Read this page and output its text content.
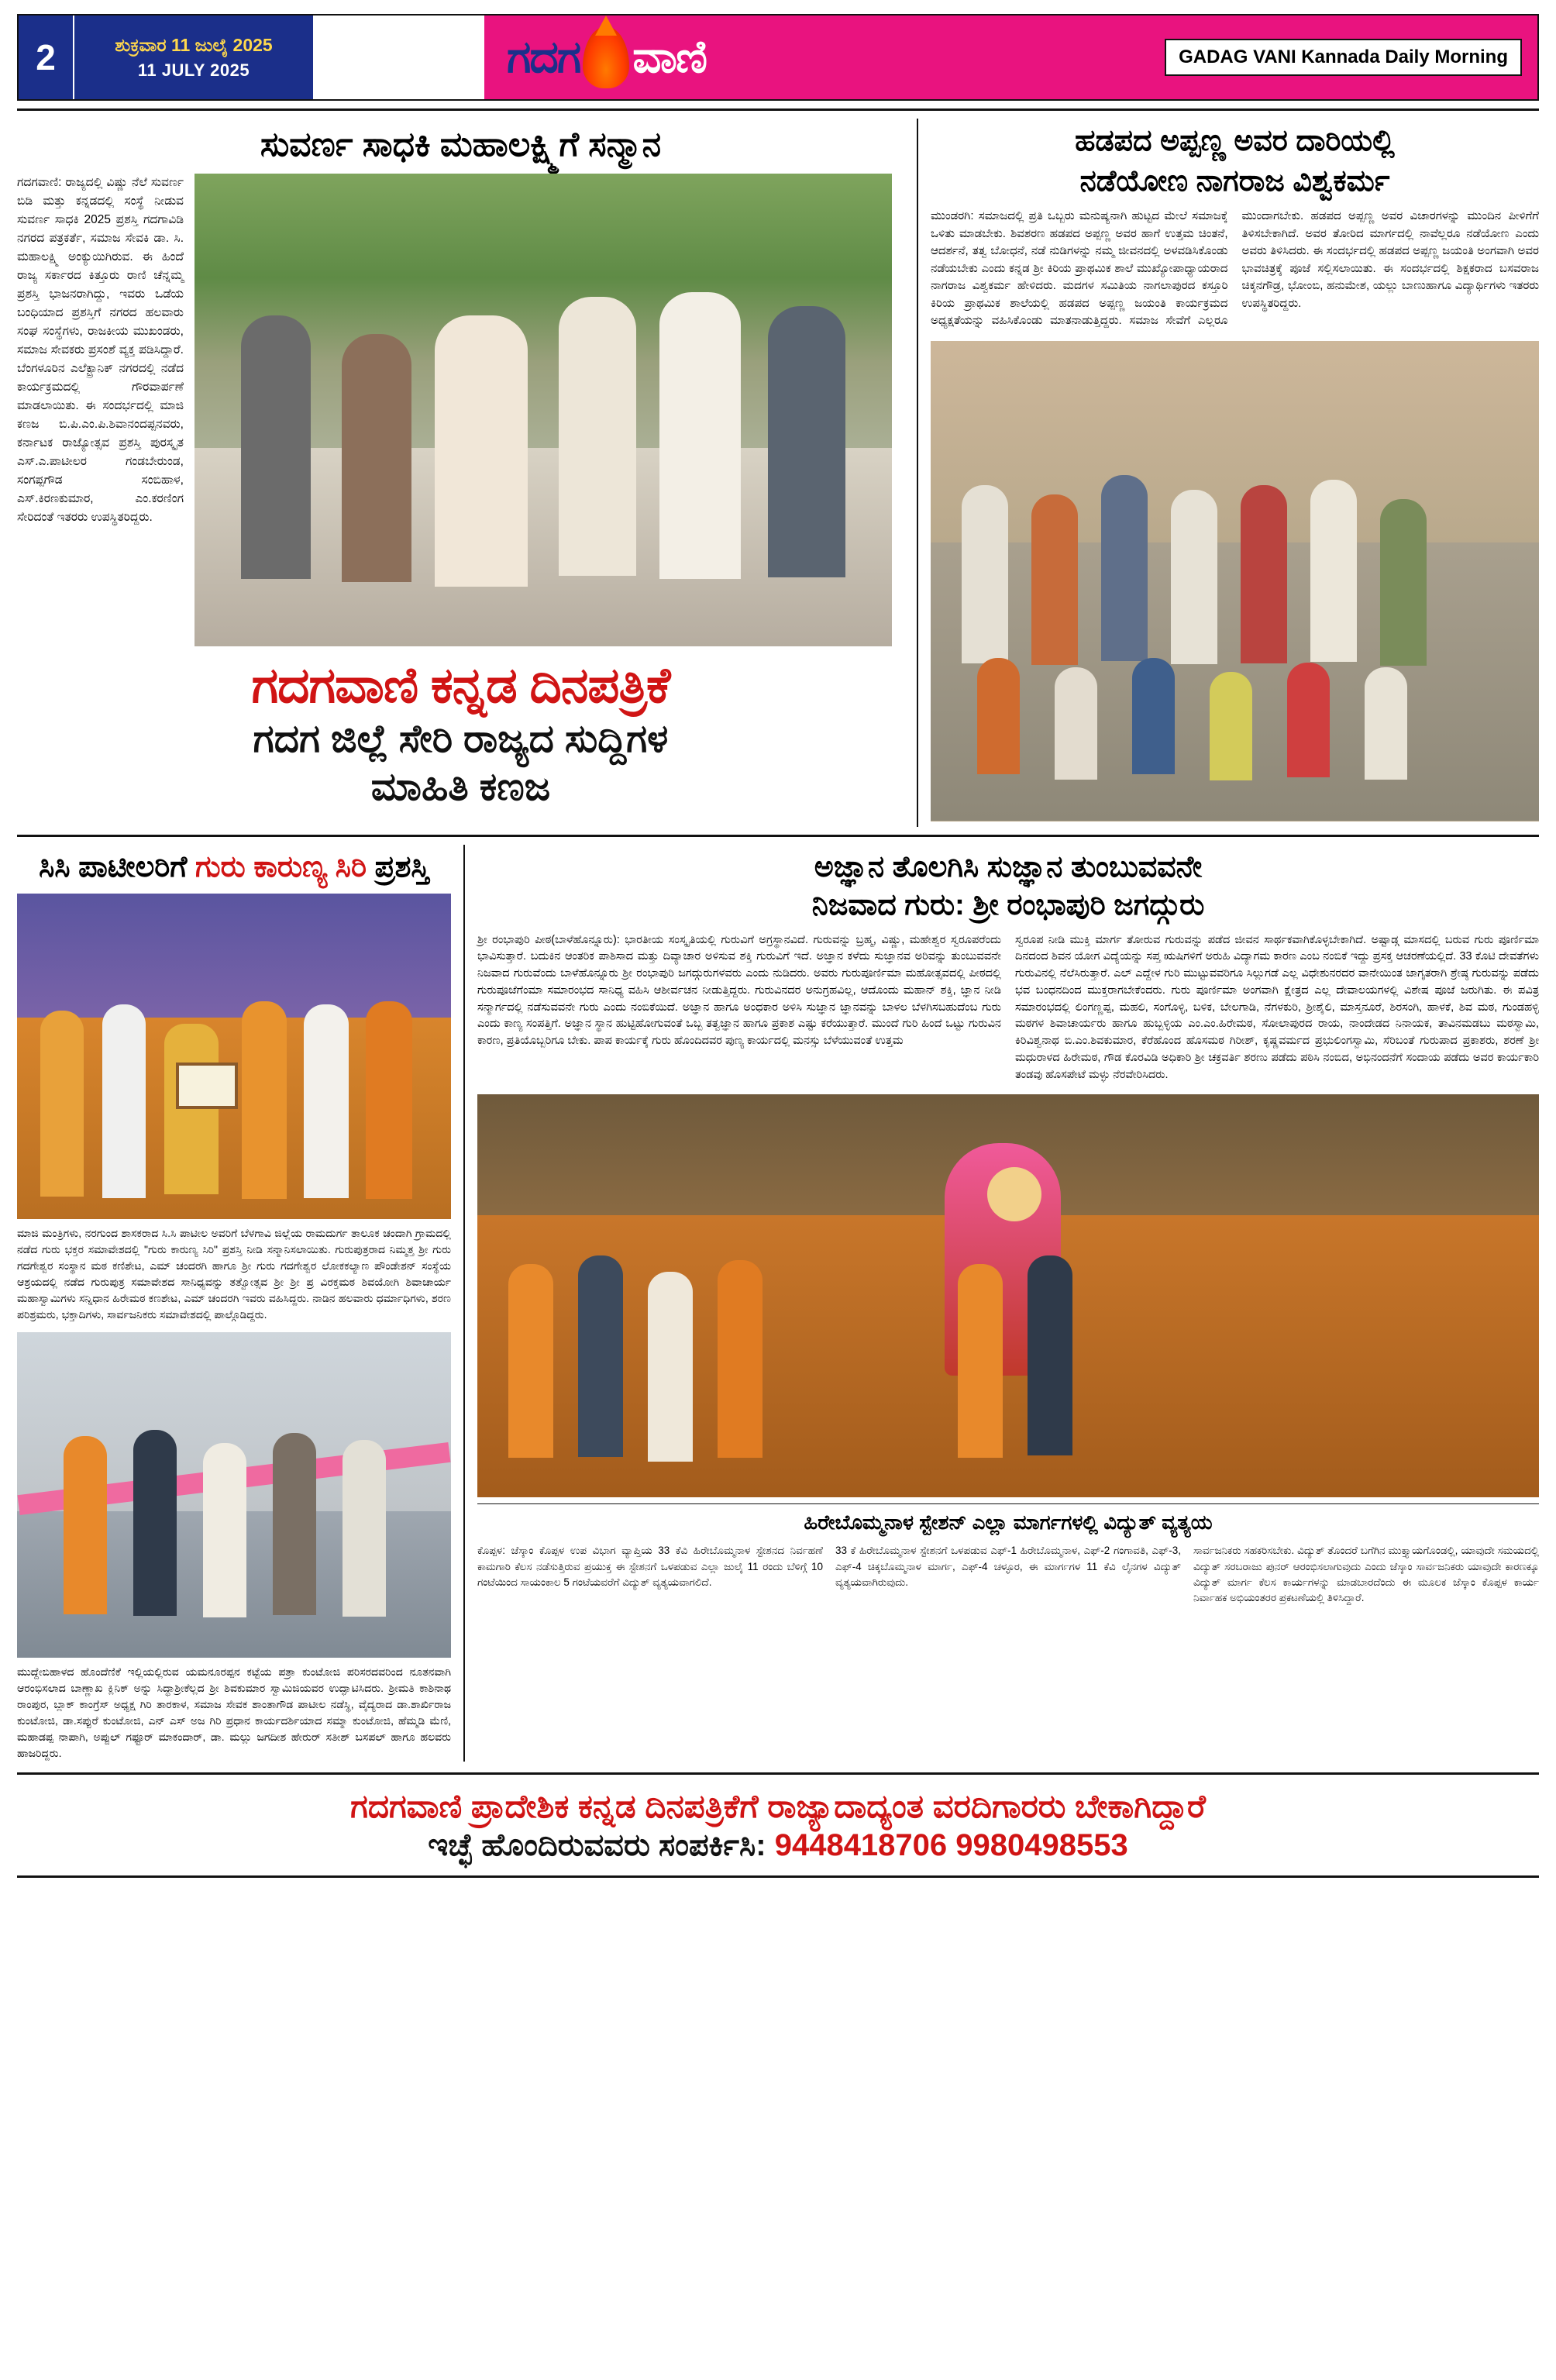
2	ಶುಕ್ರವಾರ 11 ಜುಲೈ 2025
11 JULY 2025	ಗದಗ ವಾಣಿ	GADAG VANI Kannada Daily Morning
ಸುವರ್ಣ ಸಾಧಕಿ ಮಹಾಲಕ್ಷ್ಮಿಗೆ ಸನ್ಮಾನ
ಗದಗವಾಣಿ: ರಾಜ್ಯದಲ್ಲಿ ವಿಷ್ಣು ನೆಲೆ ಸುವರ್ಣ ಬಿಡಿ ಮತ್ತು ಕನ್ನಡದಲ್ಲಿ ಸಂಸ್ಥೆ ನೀಡುವ ಸುವರ್ಣ ಸಾಧಕಿ 2025 ಪ್ರಶಸ್ತಿ ಗದಗಾವಿಡಿ ನಗರದ ಪತ್ರಕರ್ತೆ, ಸಮಾಜ ಸೇವಕಿ ಡಾ. ಸಿ. ಮಹಾಲಕ್ಷ್ಮಿ ಅಂಕ್ಯುಯಿಗಿರುವ. ಈ ಹಿಂದೆ ರಾಜ್ಯ ಸರ್ಕಾರದ ಕಿತ್ತೂರು ರಾಣಿ ಚೆನ್ನಮ್ಮ ಪ್ರಶಸ್ತಿ ಭಾಜನರಾಗಿದ್ದು, ಇವರು ಒಡೆಯ ಬಂಧಿಯಾದ ಪ್ರಶಸ್ತಿಗೆ ನಗರದ ಹಲವಾರು ಸಂಘ ಸಂಸ್ಥೆಗಳು, ರಾಜಕೀಯ ಮುಖಂಡರು, ಸಮಾಜ ಸೇವಕರು ಪ್ರಸಂಶೆ ವ್ಯಕ್ತ ಪಡಿಸಿದ್ದಾರೆ. ಬೆಂಗಳೂರಿನ ಎಲೆಕ್ಟ್ರಾನಿಕ್ ನಗರದಲ್ಲಿ ನಡೆದ ಕಾರ್ಯಕ್ರಮದಲ್ಲಿ ಗೌರವಾರ್ಪಣೆ ಮಾಡಲಾಯಿತು. ಈ ಸಂದರ್ಭದಲ್ಲಿ ಮಾಜಿ ಕಣಜ ಬಿ.ಪಿ.ಎಂ.ಪಿ.ಶಿವಾನಂದಪ್ಪನವರು, ಕರ್ನಾಟಕ ರಾಜ್ಯೋತ್ಸವ ಪ್ರಶಸ್ತಿ ಪುರಸ್ಕೃತ ಎಸ್.ಎ.ಪಾಟೀಲರ ಗಂಡಬೇರುಂಡ, ಸಂಗಪ್ಪಗೌಡ ಸಂಬಿಹಾಳ, ಎಸ್.ಕಿರಣಕುಮಾರ, ಎಂ.ಕರಣಿಂಗ ಸೇರಿದಂತೆ ಇತರರು ಉಪಸ್ಥಿತರಿದ್ದರು.
ಗದಗವಾಣಿ ಕನ್ನಡ ದಿನಪತ್ರಿಕೆ
ಗದಗ ಜಿಲ್ಲೆ ಸೇರಿ ರಾಜ್ಯದ ಸುದ್ದಿಗಳ
ಮಾಹಿತಿ ಕಣಜ
ಹಡಪದ ಅಪ್ಪಣ್ಣ ಅವರ ದಾರಿಯಲ್ಲಿ
ನಡೆಯೋಣ ನಾಗರಾಜ ವಿಶ್ವಕರ್ಮ
ಮುಂಡರಗಿ: ಸಮಾಜದಲ್ಲಿ ಪ್ರತಿ ಒಬ್ಬರು ಮನುಷ್ಯನಾಗಿ ಹುಟ್ಟದ ಮೇಲೆ ಸಮಾಜಕ್ಕೆ ಒಳಿತು ಮಾಡಬೇಕು. ಶಿವಶರಣ ಹಡಪದ ಅಪ್ಪಣ್ಣ ಅವರ ಹಾಗೆ ಉತ್ತಮ ಚಿಂತನೆ, ಆದರ್ಶನೆ, ತತ್ವ ಬೋಧನೆ, ನಡೆ ನುಡಿಗಳನ್ನು ನಮ್ಮ ಜೀವನದಲ್ಲಿ ಅಳವಡಿಸಿಕೊಂಡು ನಡೆಯಬೇಕು ಎಂದು ಕನ್ನಡ ಶ್ರೀ ಕಿರಿಯ ಪ್ರಾಥಮಿಕ ಶಾಲೆ ಮುಖ್ಯೋಪಾಧ್ಯಾಯರಾದ ನಾಗರಾಜ ವಿಶ್ವಕರ್ಮ ಹೇಳಿದರು. ಮದಗಳ ಸಮಿತಿಯ ನಾಗಲಾಪುರದ ಕಸ್ತೂರಿ ಕಿರಿಯ ಪ್ರಾಥಮಿಕ ಶಾಲೆಯಲ್ಲಿ ಹಡಪದ ಅಪ್ಪಣ್ಣ ಜಯಂತಿ ಕಾರ್ಯಕ್ರಮದ ಅಧ್ಯಕ್ಷತೆಯನ್ನು ವಹಿಸಿಕೊಂಡು ಮಾತನಾಡುತ್ತಿದ್ದರು. ಸಮಾಜ ಸೇವೆಗೆ ಎಲ್ಲರೂ ಮುಂದಾಗಬೇಕು. ಹಡಪದ ಅಪ್ಪಣ್ಣ ಅವರ ವಿಚಾರಗಳನ್ನು ಮುಂದಿನ ಪೀಳಿಗೆಗೆ ತಿಳಿಸಬೇಕಾಗಿದೆ. ಅವರ ತೋರಿದ ಮಾರ್ಗದಲ್ಲಿ ನಾವೆಲ್ಲರೂ ನಡೆಯೋಣ ಎಂದು ಅವರು ತಿಳಿಸಿದರು. ಈ ಸಂದರ್ಭದಲ್ಲಿ ಹಡಪದ ಅಪ್ಪಣ್ಣ ಜಯಂತಿ ಅಂಗವಾಗಿ ಅವರ ಭಾವಚಿತ್ರಕ್ಕೆ ಪೂಜೆ ಸಲ್ಲಿಸಲಾಯಿತು. ಈ ಸಂದರ್ಭದಲ್ಲಿ ಶಿಕ್ಷಕರಾದ ಬಸವರಾಜ ಚಿಕ್ಕನಗೌಡ್ರ, ಭೋಂಬಿ, ಹನುಮೇಶ, ಯಲ್ಲು ಬಾಣುಹಾಗೂ ವಿದ್ಯಾರ್ಥಿಗಳು ಇತರರು ಉಪಸ್ಥಿತರಿದ್ದರು.
ಸಿಸಿ ಪಾಟೀಲರಿಗೆ ಗುರು ಕಾರುಣ್ಯ ಸಿರಿ ಪ್ರಶಸ್ತಿ
ಮಾಜಿ ಮಂತ್ರಿಗಳು, ನರಗುಂದ ಶಾಸಕರಾದ ಸಿ.ಸಿ ಪಾಟೀಲ ಅವರಿಗೆ ಬೆಳಗಾವಿ ಜಿಲ್ಲೆಯ ರಾಮದುರ್ಗ ತಾಲೂಕ ಚಂದಾಗಿ ಗ್ರಾಮದಲ್ಲಿ ನಡೆದ ಗುರು ಭಕ್ತರ ಸಮಾವೇಶದಲ್ಲಿ "ಗುರು ಕಾರುಣ್ಯ ಸಿರಿ" ಪ್ರಶಸ್ತಿ ನೀಡಿ ಸನ್ಮಾನಿಸಲಾಯಿತು. ಗುರುಪುತ್ರರಾದ ನಿಮ್ಮತ್ತ ಶ್ರೀ ಗುರು ಗದಗೇಶ್ವರ ಸಂಸ್ಥಾನ ಮಠ ಕಣಿಶೇಟ, ಎಮ್ ಚಂದರಗಿ ಹಾಗೂ ಶ್ರೀ ಗುರು ಗದಗೇಶ್ವರ ಲೋಕಕಲ್ಯಾಣ ಪೌಂಡೇಶನ್ ಸಂಸ್ಥೆಯ ಆಶ್ರಯದಲ್ಲಿ ನಡೆದ ಗುರುಪುತ್ರ ಸಮಾವೇಶದ ಸಾನಿಧ್ಯವನ್ನು ತತ್ವೋತ್ಸವ ಶ್ರೀ ಶ್ರೀ ಪ್ರ ವಿರಕ್ತಮಠ ಶಿವಯೋಗಿ ಶಿವಾಚಾರ್ಯ ಮಹಾಸ್ವಾಮಿಗಳು ಸನ್ನಿಧಾನ ಹಿರೇಮಠ ಕಣಶೇಟ, ಎಮ್ ಚಂದರಗಿ ಇವರು ವಹಿಸಿದ್ದರು. ನಾಡಿನ ಹಲವಾರು ಧರ್ಮಾಧಿಗಳು, ಶರಣ ಪರಿಶ್ರಮರು, ಭಕ್ತಾದಿಗಳು, ಸಾರ್ವಜನಿಕರು ಸಮಾವೇಶದಲ್ಲಿ ಪಾಲ್ಗೊಡಿದ್ದರು.
ಮುದ್ದೇಬಿಹಾಳದ ಹೊಂದೆಣಿಕೆ ಇಲ್ಲಿಯಲ್ಲಿರುವ ಯಮನೂರಪ್ಪನ ಕಟ್ಟೆಯ ಪತ್ರಾ ಕುಂಟೋಜಿ ಪರಿಸರದವರಿಂದ ನೂತನವಾಗಿ ಆರಂಭಿಸಲಾದ ಬಾಣ್ಣಾಖ ಕ್ಲಿನಿಕ್ ಅನ್ನು ಸಿದ್ಧಾಶ್ರೀಕೆಲ್ಲದ ಶ್ರೀ ಶಿವಕುಮಾರ ಸ್ವಾಮಿಜಿಯವರ ಉದ್ಘಾಟಿಸಿದರು. ಶ್ರೀಮತಿ ಕಾಶಿನಾಥ ರಾಂಪುರ, ಬ್ಲಾಕ್ ಕಾಂಗ್ರೆಸ್ ಅಧ್ಯಕ್ಷ ಗಿರಿ ತಾರಕಾಳ, ಸಮಾಜ ಸೇವಕ ಶಾಂತಾಗೌಡ ಪಾಟೀಲ ನಡೆಸ್ಥಿ, ವೈದ್ಯರಾದ ಡಾ.ಶಾರ್ಖಿರಾಜ ಕುಂಟೋಜಿ, ಡಾ.ಸಪ್ಪುರೆ ಕುಂಟೋಜಿ, ಎನ್ ಎಸ್ ಅಜ ಗಿರಿ ಪ್ರಧಾನ ಕಾರ್ಯದರ್ಶಿಯಾದ ಸಮ್ಮಾ ಕುಂಟೋಜಿ, ಹೆಮ್ಮಡಿ ಮೆಣಿ, ಮಹಾಡಪ್ಪ ನಾಪಾಗಿ, ಅಪ್ಪುಲ್ ಗಫ್ಟೂರ್ ಮಾಕಂದಾರ್, ಡಾ. ಮಲ್ಲು ಜಗದೀಶ ಹೇರುರ್ ಸತೀಶ್ ಬಸಪಲ್ ಹಾಗೂ ಹಲವರು ಹಾಜರಿದ್ದರು.
ಅಜ್ಞಾನ ತೊಲಗಿಸಿ ಸುಜ್ಞಾನ ತುಂಬುವವನೇ
ನಿಜವಾದ ಗುರು: ಶ್ರೀ ರಂಭಾಪುರಿ ಜಗದ್ಗುರು
ಶ್ರೀ ರಂಭಾಪುರಿ ಪೀಠ(ಬಾಳೆಹೊನ್ನೂರು): ಭಾರತೀಯ ಸಂಸ್ಕೃತಿಯಲ್ಲಿ ಗುರುವಿಗೆ ಅಗ್ರಸ್ಥಾನವಿದೆ. ಗುರುವನ್ನು ಬ್ರಹ್ಮ, ವಿಷ್ಣು, ಮಹೇಶ್ವರ ಸ್ವರೂಪರೆಂದು ಭಾವಿಸುತ್ತಾರೆ. ಬದುಕಿನ ಆಂತರಿಕ ಪಾಶಿಸಾದ ಮತ್ತು ದಿವ್ಯಾಚಾರ ಅಳಿಸುವ ಶಕ್ತಿ ಗುರುವಿಗೆ ಇದೆ. ಅಜ್ಞಾನ ಕಳೆದು ಸುಜ್ಞಾನವ ಅರಿವನ್ನು ತುಂಬುವವನೇ ನಿಜವಾದ ಗುರುವೆಂದು ಬಾಳೆಹೊನ್ನೂರು ಶ್ರೀ ರಂಭಾಪುರಿ ಜಗದ್ಗುರುಗಳವರು ಎಂದು ನುಡಿದರು. ಅವರು ಗುರುಪೂರ್ಣಿಮಾ ಮಹೋತ್ಸವದಲ್ಲಿ ಪೀಠದಲ್ಲಿ ಗುರುಪೂಜೆಗೆಂಮಾ ಸಮಾರಂಭದ ಸಾನಿಧ್ಯ ವಹಿಸಿ ಆಶೀರ್ವಚನ ನೀಡುತ್ತಿದ್ದರು. ಗುರುವಿನದರ ಅನುಗ್ರಹವಿಲ್ಲ, ಆದೊಂದು ಮಹಾನ್ ಶಕ್ತಿ, ಜ್ಞಾನ ನೀಡಿ ಸನ್ಮಾರ್ಗದಲ್ಲಿ ನಡೆಸುವವನೇ ಗುರು ಎಂದು ನಂಬಿಕೆಯಿದೆ. ಅಜ್ಞಾನ ಹಾಗೂ ಅಂಧಕಾರ ಅಳಿಸಿ ಸುಜ್ಞಾನ ಜ್ಞಾನವನ್ನು ಬಾಳಲ ಬೆಳಗಿಸಬಹುದೆಂಬ ಗುರು ಎಂದು ಕಾಣ್ಯ ಸಂಪತ್ತಿಗೆ. ಅಜ್ಞಾನ ಸ್ಥಾನ ಹುಟ್ಟಿಹೋಗುವಂತೆ ಒಬ್ಬ ತತ್ವಜ್ಞಾನ ಹಾಗೂ ಪ್ರಕಾಶ ಎಷ್ಟು ಕರೆಯುತ್ತಾರೆ. ಮುಂದೆ ಗುರಿ ಹಿಂದೆ ಒಟ್ಟು ಗುರುವಿನ ಕಾರಣ, ಪ್ರತಿಯೊಬ್ಬರಿಗೂ ಬೇಕು. ಪಾಪ ಕಾರ್ಯಕ್ಕೆ ಗುರು ಹೊಂದಿದವರ ಪುಣ್ಯ ಕಾರ್ಯದಲ್ಲಿ ಮನಸ್ಸು ಬೆಳೆಯುವಂತೆ ಉತ್ತಮ
ಸ್ವರೂಪ ನೀಡಿ ಮುಕ್ತಿ ಮಾರ್ಗ ತೋರುವ ಗುರುವನ್ನು ಪಡೆದ ಜೀವನ ಸಾರ್ಥಕವಾಗಿಕೊಳ್ಳಬೇಕಾಗಿದೆ. ಅಷ್ಟಾಡ್ಗ ಮಾಸದಲ್ಲಿ ಬರುವ ಗುರು ಪೂರ್ಣಿಮಾ ದಿನದಂದ ಶಿವನ ಯೋಗ ವಿದ್ಯೆಯನ್ನು ಸಪ್ತ ಋಷಿಗಳಿಗೆ ಅರುಹಿ ವಿದ್ಯಾಗಮ ಕಾರಣ ಎಂಬ ನಂಬಿಕೆ ಇದ್ದು ಪ್ರಸಕ್ತ ಆಚರಣೆಯಲ್ಲಿದೆ. 33 ಕೊಟಿ ದೇವತೆಗಳು ಗುರುವಿನಲ್ಲಿ ನೆಲೆಸಿರುತ್ತಾರೆ. ಎಲ್ ಎದ್ದೇಳ ಗುರಿ ಮುಟ್ಟುವವರಿಗೂ ಸಿಲ್ಲುಗಡೆ ಎಲ್ಲ ವಿಧೇಶುನರದರ ವಾನೇಯಿಂತ ಜಾಗೃತರಾಗಿ ಶ್ರೇಷ್ಠ ಗುರುವನ್ನು ಪಡೆದು ಭವ ಬಂಧನದಿಂದ ಮುಕ್ತರಾಗಬೇಕೆಂದರು. ಗುರು ಪೂರ್ಣಿಮಾ ಅಂಗವಾಗಿ ಕ್ಷೇತ್ರದ ಎಲ್ಲ ದೇವಾಲಯಗಳಲ್ಲಿ ವಿಶೇಷ ಪೂಜೆ ಜರುಗಿತು. ಈ ಪವಿತ್ರ ಸಮಾರಂಭದಲ್ಲಿ ಲಿಂಗಣ್ಣಪ್ಪ, ಮಹಲಿ, ಸಂಗೊಳ್ಳಿ, ಬಳಿಕ, ಬೇಲಗಾಡಿ, ನೆಗಳಕುರಿ, ಶ್ರೀಶೈಲಿ, ಮಾಸ್ತನೂರೆ, ಶಿರಸಂಗಿ, ಹಾಳಕೆ, ಶಿವ ಮಠ, ಗುಂಡಹಳ್ಳಿ ಮಠಗಳ ಶಿವಾಚಾರ್ಯರು ಹಾಗೂ ಹುಬ್ಬಳ್ಳಿಯ ಎಂ.ಎಂ.ಹಿರೇಮಠ, ಸೋಲಾಪುರದ ರಾಯ, ನಾಂದೇಡದ ನಿನಾಯಕ, ತಾವಿನಮಡಬು ಮಠಸ್ವಾಮಿ, ಕಿರಿವಿಶ್ವನಾಥ ಬಿ.ಎಂ.ಶಿವಕುಮಾರ, ಕೆರೆಹೊಂದ ಹೊಸಮಠ ಗಿರೀಶ್, ಕೃಷ್ಣವರ್ಮದ ಪ್ರಭುಲಿಂಗಸ್ವಾಮಿ, ಸೆರಿಬಂತೆ ಗುರುಪಾದ ಪ್ರಕಾಶರು, ಶರಣೆ ಶ್ರೀ ಮಧುರಾಳದ ಹಿರೇಮಠ, ಗೌಡ ಕೊರವಿಡಿ ಅಧಿಕಾರಿ ಶ್ರೀ ಚಕ್ರವರ್ತಿ ಶರಣು ಪಡೆದು ಪಠಿಸಿ ನಂಬಿದ, ಅಭಿನಂದನೆಗೆ ಸಂದಾಯ ಪಡೆದು ಅವರ ಕಾರ್ಯಕಾರಿ ತಂಡವು ಹೊಸಪೇಟೆ ಮಳ್ಳು ನೆರವೇರಿಸಿದರು.
ಹಿರೇಬೊಮ್ಮನಾಳ ಸ್ಟೇಶನ್ ಎಲ್ಲಾ ಮಾರ್ಗಗಳಲ್ಲಿ ವಿದ್ಯುತ್ ವ್ಯತ್ಯಯ
ಕೊಪ್ಪಳ: ಜೆಸ್ಕಾಂ ಕೊಪ್ಪಳ ಉಪ ವಿಭಾಗ ವ್ಯಾಪ್ತಿಯ 33 ಕೆವಿ ಹಿರೇಬೊಮ್ಮನಾಳ ಸ್ಟೇಶನದ ನಿರ್ವಹಣೆ ಕಾಮಗಾರಿ ಕೆಲಸ ನಡೆಸುತ್ತಿರುವ ಪ್ರಯುಕ್ತ ಈ ಸ್ಟೇಶನಗೆ ಒಳಪಡುವ ಎಲ್ಲಾ ಜುಲೈ 11 ರಂದು ಬೆಳಿಗ್ಗೆ 10 ಗಂಟೆಯಿಂದ ಸಾಯಂಕಾಲ 5 ಗಂಟೆಯವರೆಗೆ ವಿದ್ಯುತ್ ವ್ಯತ್ಯಯವಾಗಲಿದೆ.
33 ಕೆ ಹಿರೇಬೊಮ್ಮನಾಳ ಸ್ಟೇಶನಗೆ ಒಳಪಡುವ ಎಫ್-1 ಹಿರೇಬೊಮ್ಮನಾಳ, ಎಫ್-2 ಗಂಗಾವತಿ, ಎಫ್-3, ಎಫ್-4 ಚಿಕ್ಕಬೊಮ್ಮನಾಳ ಮಾರ್ಗ, ಎಫ್-4 ಚಳ್ಳೂರ, ಈ ಮಾರ್ಗಗಳ 11 ಕೆವಿ ಲೈನಗಳ ವಿದ್ಯುತ್ ವ್ಯತ್ಯಯವಾಗಿರುವುದು.
ಸಾರ್ವಜನಿಕರು ಸಹಕರಿಸಬೇಕು. ವಿದ್ಯುತ್ ತೊಂದರೆ ಬಗೆಗಿನ ಮುಕ್ತ್ಯಾಯಗೊಂಡಲ್ಲಿ, ಯಾವುದೇ ಸಮಯದಲ್ಲಿ ವಿದ್ಯುತ್ ಸರಬರಾಜು ಪುನರ್ ಆರಂಭಿಸಲಾಗುವುದು ಎಂದು ಜೆಸ್ಕಾಂ ಸಾರ್ವಜನಿಕರು ಯಾವುದೇ ಕಾರಣಕ್ಕೂ ವಿದ್ಯುತ್ ಮಾರ್ಗ ಕೆಲಸ ಕಾರ್ಯಗಳನ್ನು ಮಾಡಬಾರದೆಂದು ಈ ಮೂಲಕ ಜೆಸ್ಕಾಂ ಕೊಪ್ಪಳ ಕಾರ್ಯ ನಿರ್ವಾಹಕ ಅಭಿಯಂತರರ ಪ್ರಕಟಣೆಯಲ್ಲಿ ತಿಳಿಸಿದ್ದಾರೆ.
ಗದಗವಾಣಿ ಪ್ರಾದೇಶಿಕ ಕನ್ನಡ ದಿನಪತ್ರಿಕೆಗೆ ರಾಜ್ಯಾದಾದ್ಯಂತ ವರದಿಗಾರರು ಬೇಕಾಗಿದ್ದಾರೆ
ಇಚ್ಛೆ ಹೊಂದಿರುವವರು ಸಂಪರ್ಕಿಸಿ: 9448418706 9980498553
